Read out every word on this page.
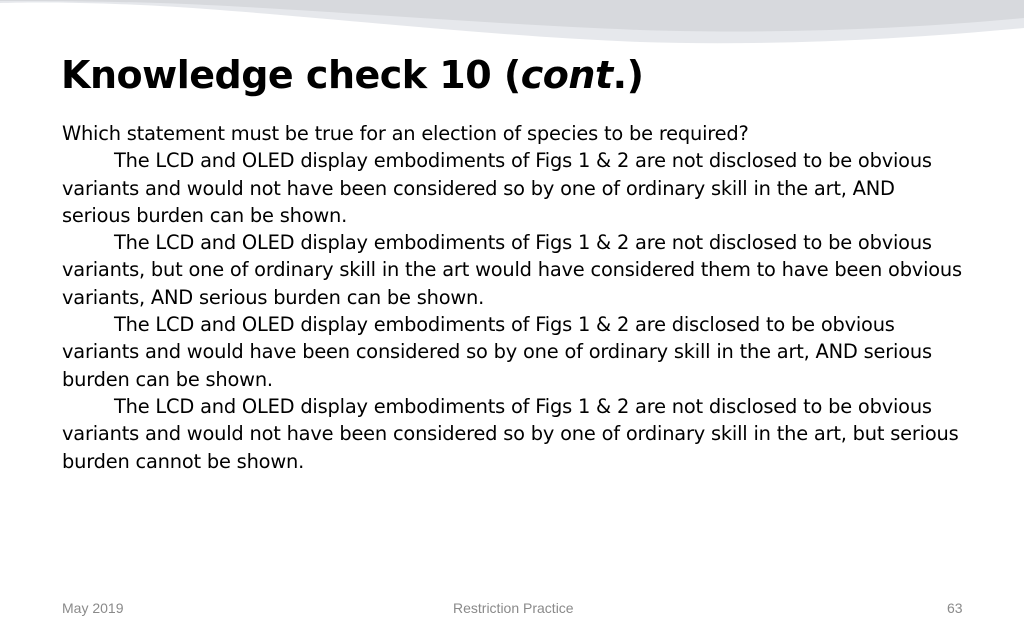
Knowledge check 10 (cont.)

Which statement must be true for an election of species to be required?

The LCD and OLED display embodiments of Figs 1 & 2 are not disclosed to be obvious variants and would not have been considered so by one of ordinary skill in the art, AND serious burden can be shown.

The LCD and OLED display embodiments of Figs 1 & 2 are not disclosed to be obvious variants, but one of ordinary skill in the art would have considered them to have been obvious variants, AND serious burden can be shown.

The LCD and OLED display embodiments of Figs 1 & 2 are disclosed to be obvious variants and would have been considered so by one of ordinary skill in the art, AND serious burden can be shown.

The LCD and OLED display embodiments of Figs 1 & 2 are not disclosed to be obvious variants and would not have been considered so by one of ordinary skill in the art, but serious burden cannot be shown.

May 2019	Restriction Practice	63
